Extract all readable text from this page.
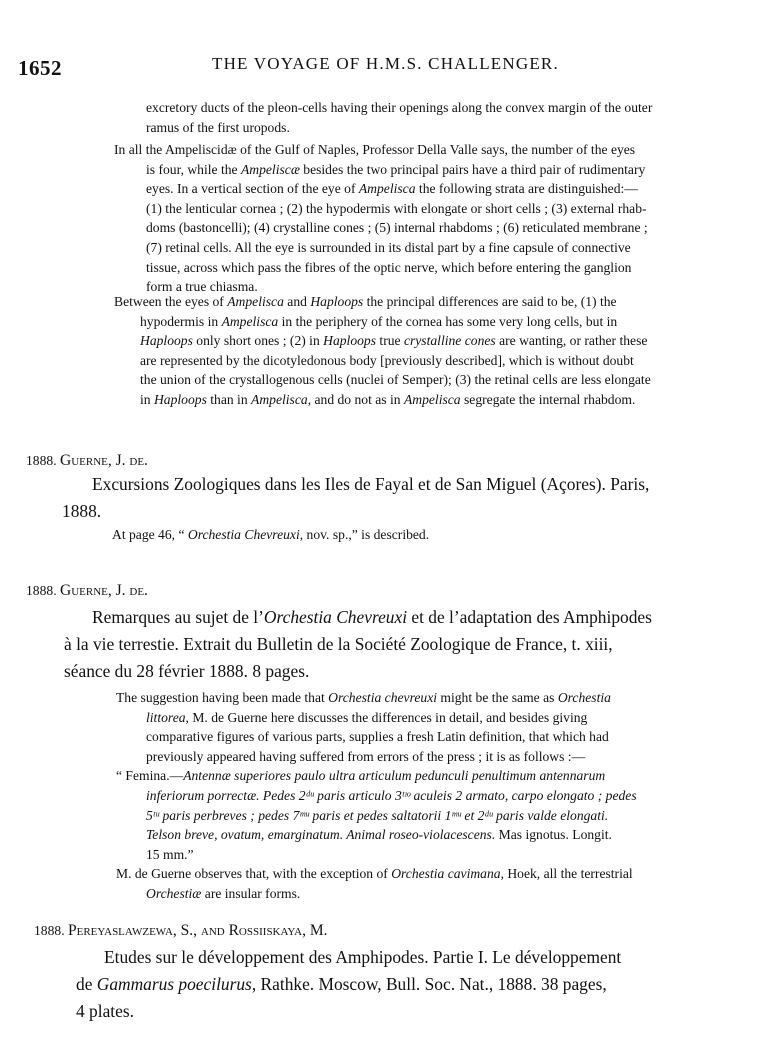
1652	THE VOYAGE OF H.M.S. CHALLENGER.
excretory ducts of the pleon-cells having their openings along the convex margin of the outer
ramus of the first uropods.
In all the Ampeliscidæ of the Gulf of Naples, Professor Della Valle says, the number of the eyes
is four, while the Ampeliscæ besides the two principal pairs have a third pair of rudimentary
eyes. In a vertical section of the eye of Ampelisca the following strata are distinguished:—
(1) the lenticular cornea ; (2) the hypodermis with elongate or short cells ; (3) external rhab-
doms (bastoncelli); (4) crystalline cones ; (5) internal rhabdoms ; (6) reticulated membrane ;
(7) retinal cells. All the eye is surrounded in its distal part by a fine capsule of connective
tissue, across which pass the fibres of the optic nerve, which before entering the ganglion
form a true chiasma.
Between the eyes of Ampelisca and Haploops the principal differences are said to be, (1) the
hypodermis in Ampelisca in the periphery of the cornea has some very long cells, but in
Haploops only short ones ; (2) in Haploops true crystalline cones are wanting, or rather these
are represented by the dicotyledonous body [previously described], which is without doubt
the union of the crystallogenous cells (nuclei of Semper); (3) the retinal cells are less elongate
in Haploops than in Ampelisca, and do not as in Ampelisca segregate the internal rhabdom.
1888. Guerne, J. de.
Excursions Zoologiques dans les Iles de Fayal et de San Miguel (Açores). Paris,
1888.
At page 46, “ Orchestia Chevreuxi, nov. sp.,” is described.
1888. Guerne, J. de.
Remarques au sujet de l’Orchestia Chevreuxi et de l’adaptation des Amphipodes
à la vie terrestie. Extrait du Bulletin de la Société Zoologique de France, t. xiii,
séance du 28 février 1888. 8 pages.
The suggestion having been made that Orchestia chevreuxi might be the same as Orchestia
littorea, M. de Guerne here discusses the differences in detail, and besides giving
comparative figures of various parts, supplies a fresh Latin definition, that which had
previously appeared having suffered from errors of the press ; it is as follows :—
“ Femina.—Antennæ superiores paulo ultra articulum pedunculi penultimum antennarum
inferiorum porrectæ. Pedes 2ᵈᵘ paris articulo 3ᵗᶦᵒ aculeis 2 armato, carpo elongato ; pedes
5ᵗᵘ paris perbreves ; pedes 7ᵐᵘ paris et pedes saltatorii 1ᵐᵘ et 2ᵈᵘ paris valde elongati.
Telson breve, ovatum, emarginatum. Animal roseo-violacescens. Mas ignotus. Longit.
15 mm.”
M. de Guerne observes that, with the exception of Orchestia cavimana, Hoek, all the terrestrial
Orchestiæ are insular forms.
1888. Pereyaslawzewa, S., and Rossiiskaya, M.
Etudes sur le développement des Amphipodes. Partie I. Le développement
de Gammarus poecilurus, Rathke. Moscow, Bull. Soc. Nat., 1888. 38 pages,
4 plates.
